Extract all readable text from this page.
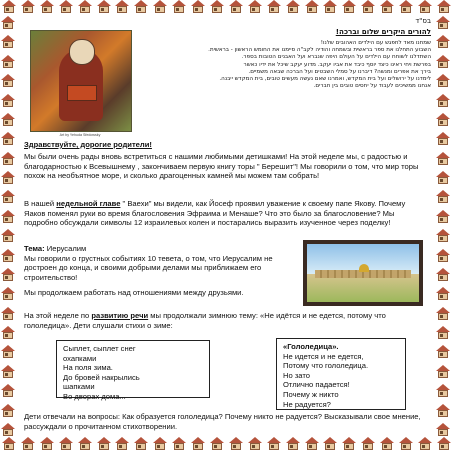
בס"ד
להורים היקרים שלום וברכה!
שמחנו מאד לחפגש עם הילדים האהובים שלנו!
השבוע התחלנו את ספר בראשית ובשמחה והודיה לקב"ה סיימנו את החומש הראשון - בראשית.
השתדלנו לשוחח עם הילדים על העולם היפה שנברא ועל האבנים הטובות בספר.
בפרשת ויחי ראינו כיצד יוסף כיבד את אביו יעקב. מדוע יעקב שיכל את ידיו כאשר
בירך את אפרים ומנשה? דיברנו על סמלי השבטים ועל הברכה שבאה משמיים.
לימדנו על ירושלים ועל בית המקדש, ואמרנו שאם נעשה מעשים טובים, בית המקדש ייבנה.
אנחנו ממשיכים לעבוד על יחסים טובים בין חברים.
Art by Yehuda Sfedowsky
Здравствуйте, дорогие родители!
Мы были очень рады вновь встретиться с нашими любимыми детишками! На этой неделе мы, с радостью и благодарностью к Всевышнему , закончиваем первую книгу торы " Берешит"! Мы говорили о том, что мир торы похож на необъятное море, и сколько драгоценных камней мы можем там собрать!
В нашей недельной главе " Ваехи" мы видели, как Йосеф проявил уважение к своему папе Якову. Почему Яаков поменял руки во время благословения Эфраима и Менаше? Что это было за благословение? Мы подробно обсуждали символы 12 израилевых колен и постарались выразить изученное через поделку!
Тема: Иерусалим
Мы говорили о грустных событиях 10 тевета, о том, что Иерусалим не достроен до конца, и своими добрыми делами мы приближаем его строительство!
Мы продолжаем работать над отношениями между друзьями.
На этой неделе по развитию речи мы продолжали зимнюю тему: «Не идётся и не едется, потому что гололедица». Дети слушали стихи о зиме:
Сыплет, сыплет снег
охапками
На поля зима.
До бровей накрылись
шапками
Во дворах дома...
«Гололедица».
Не идется и не едется,
Потому что гололедица.
Но зато
Отлично падается!
Почему ж никто
Не радуется?
Дети отвечали на вопросы: Как образуется гололедица? Почему никто не радуется? Высказывали свое мнение, рассуждали о прочитанном стихотворении.
